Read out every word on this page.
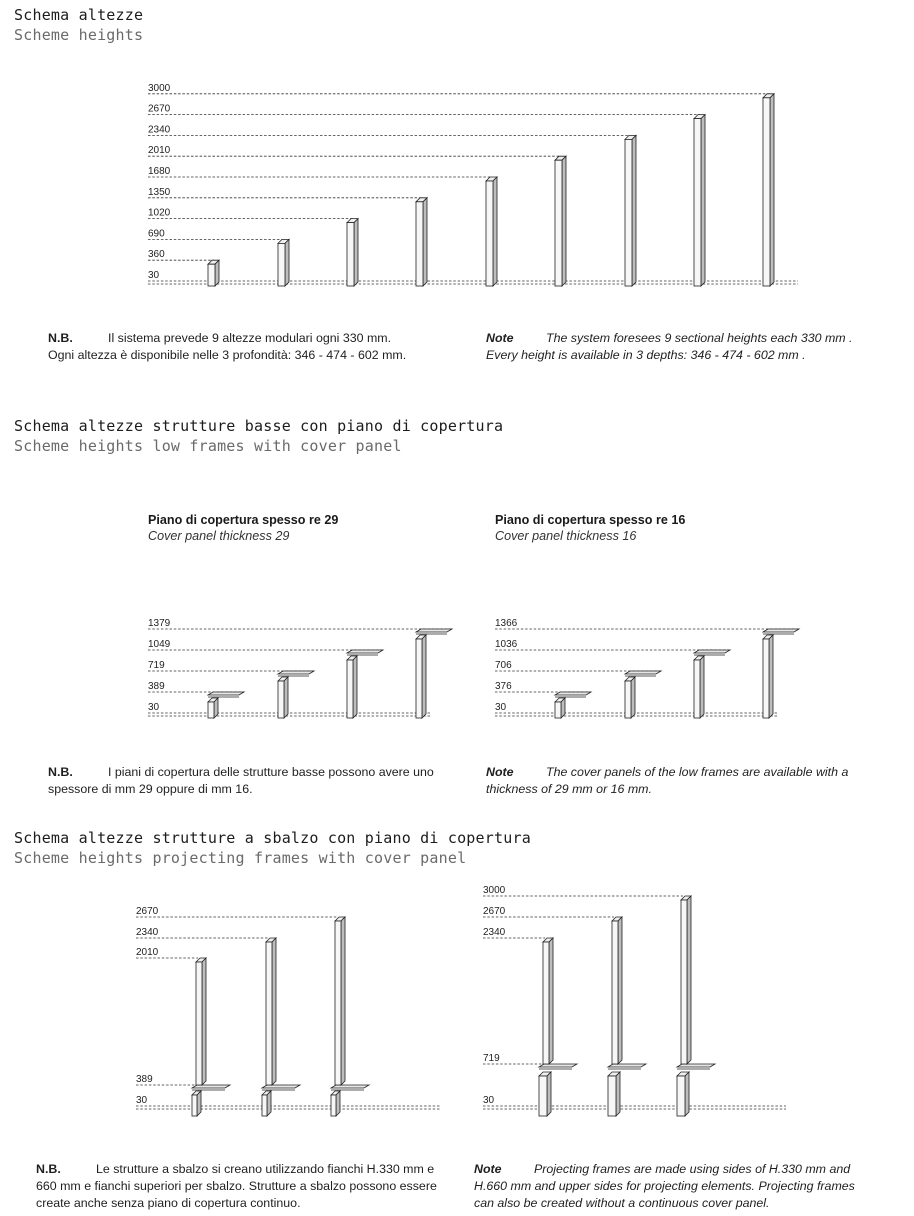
Schema altezze
Scheme heights
30
360
690
1020
1350
1680
2010
2340
2670
3000
30
389
719
1049
1379
30
376
706
1036
1366
30
389
2010
2340
2670
30
719
2340
2670
3000
N.B.	Il sistema prevede 9 altezze modulari ogni 330 mm.
Ogni altezza è disponibile nelle 3 profondità: 346 - 474 - 602 mm.
Note	The system foresees 9 sectional heights each 330 mm .
Every height is available in 3 depths: 346 - 474 - 602 mm .
Schema altezze strutture basse con piano di copertura
Scheme heights low frames with cover panel
Piano di copertura spesso re 29
Cover panel thickness 29
Piano di copertura spesso re 16
Cover panel thickness 16
N.B.	I piani di copertura delle strutture basse possono avere uno
spessore di mm 29 oppure di mm 16.
Note	The cover panels of the low frames are available with a
thickness of 29 mm or 16 mm.
Schema altezze strutture a sbalzo con piano di copertura
Scheme heights projecting frames with cover panel
N.B.	Le strutture a sbalzo si creano utilizzando fianchi H.330 mm e
660 mm e fianchi superiori per sbalzo. Strutture a sbalzo possono essere
create anche senza piano di copertura continuo.
Note	Projecting frames are made using sides of H.330 mm and
H.660 mm and upper sides for projecting elements. Projecting frames
can also be created without a continuous cover panel.
